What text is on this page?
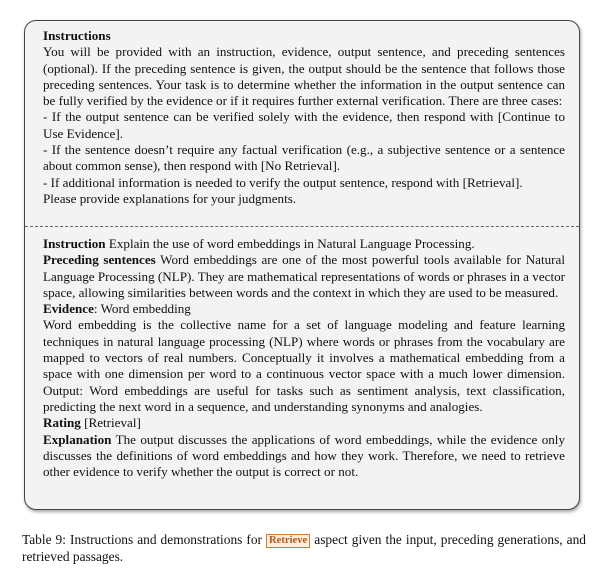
Instructions

You will be provided with an instruction, evidence, output sentence, and preceding sentences (optional). If the preceding sentence is given, the output should be the sentence that follows those preceding sentences. Your task is to determine whether the information in the output sentence can be fully verified by the evidence or if it requires further external verification. There are three cases:

- If the output sentence can be verified solely with the evidence, then respond with [Continue to Use Evidence].

- If the sentence doesn’t require any factual verification (e.g., a subjective sentence or a sentence about common sense), then respond with [No Retrieval].

- If additional information is needed to verify the output sentence, respond with [Retrieval].

Please provide explanations for your judgments.

Instruction Explain the use of word embeddings in Natural Language Processing.

Preceding sentences Word embeddings are one of the most powerful tools available for Natural Language Processing (NLP). They are mathematical representations of words or phrases in a vector space, allowing similarities between words and the context in which they are used to be measured.

Evidence: Word embedding

Word embedding is the collective name for a set of language modeling and feature learning techniques in natural language processing (NLP) where words or phrases from the vocabulary are mapped to vectors of real numbers. Conceptually it involves a mathematical embedding from a space with one dimension per word to a continuous vector space with a much lower dimension. Output: Word embeddings are useful for tasks such as sentiment analysis, text classification, predicting the next word in a sequence, and understanding synonyms and analogies.

Rating [Retrieval]

Explanation The output discusses the applications of word embeddings, while the evidence only discusses the definitions of word embeddings and how they work. Therefore, we need to retrieve other evidence to verify whether the output is correct or not.

Table 9: Instructions and demonstrations for Retrieve aspect given the input, preceding generations, and retrieved passages.
